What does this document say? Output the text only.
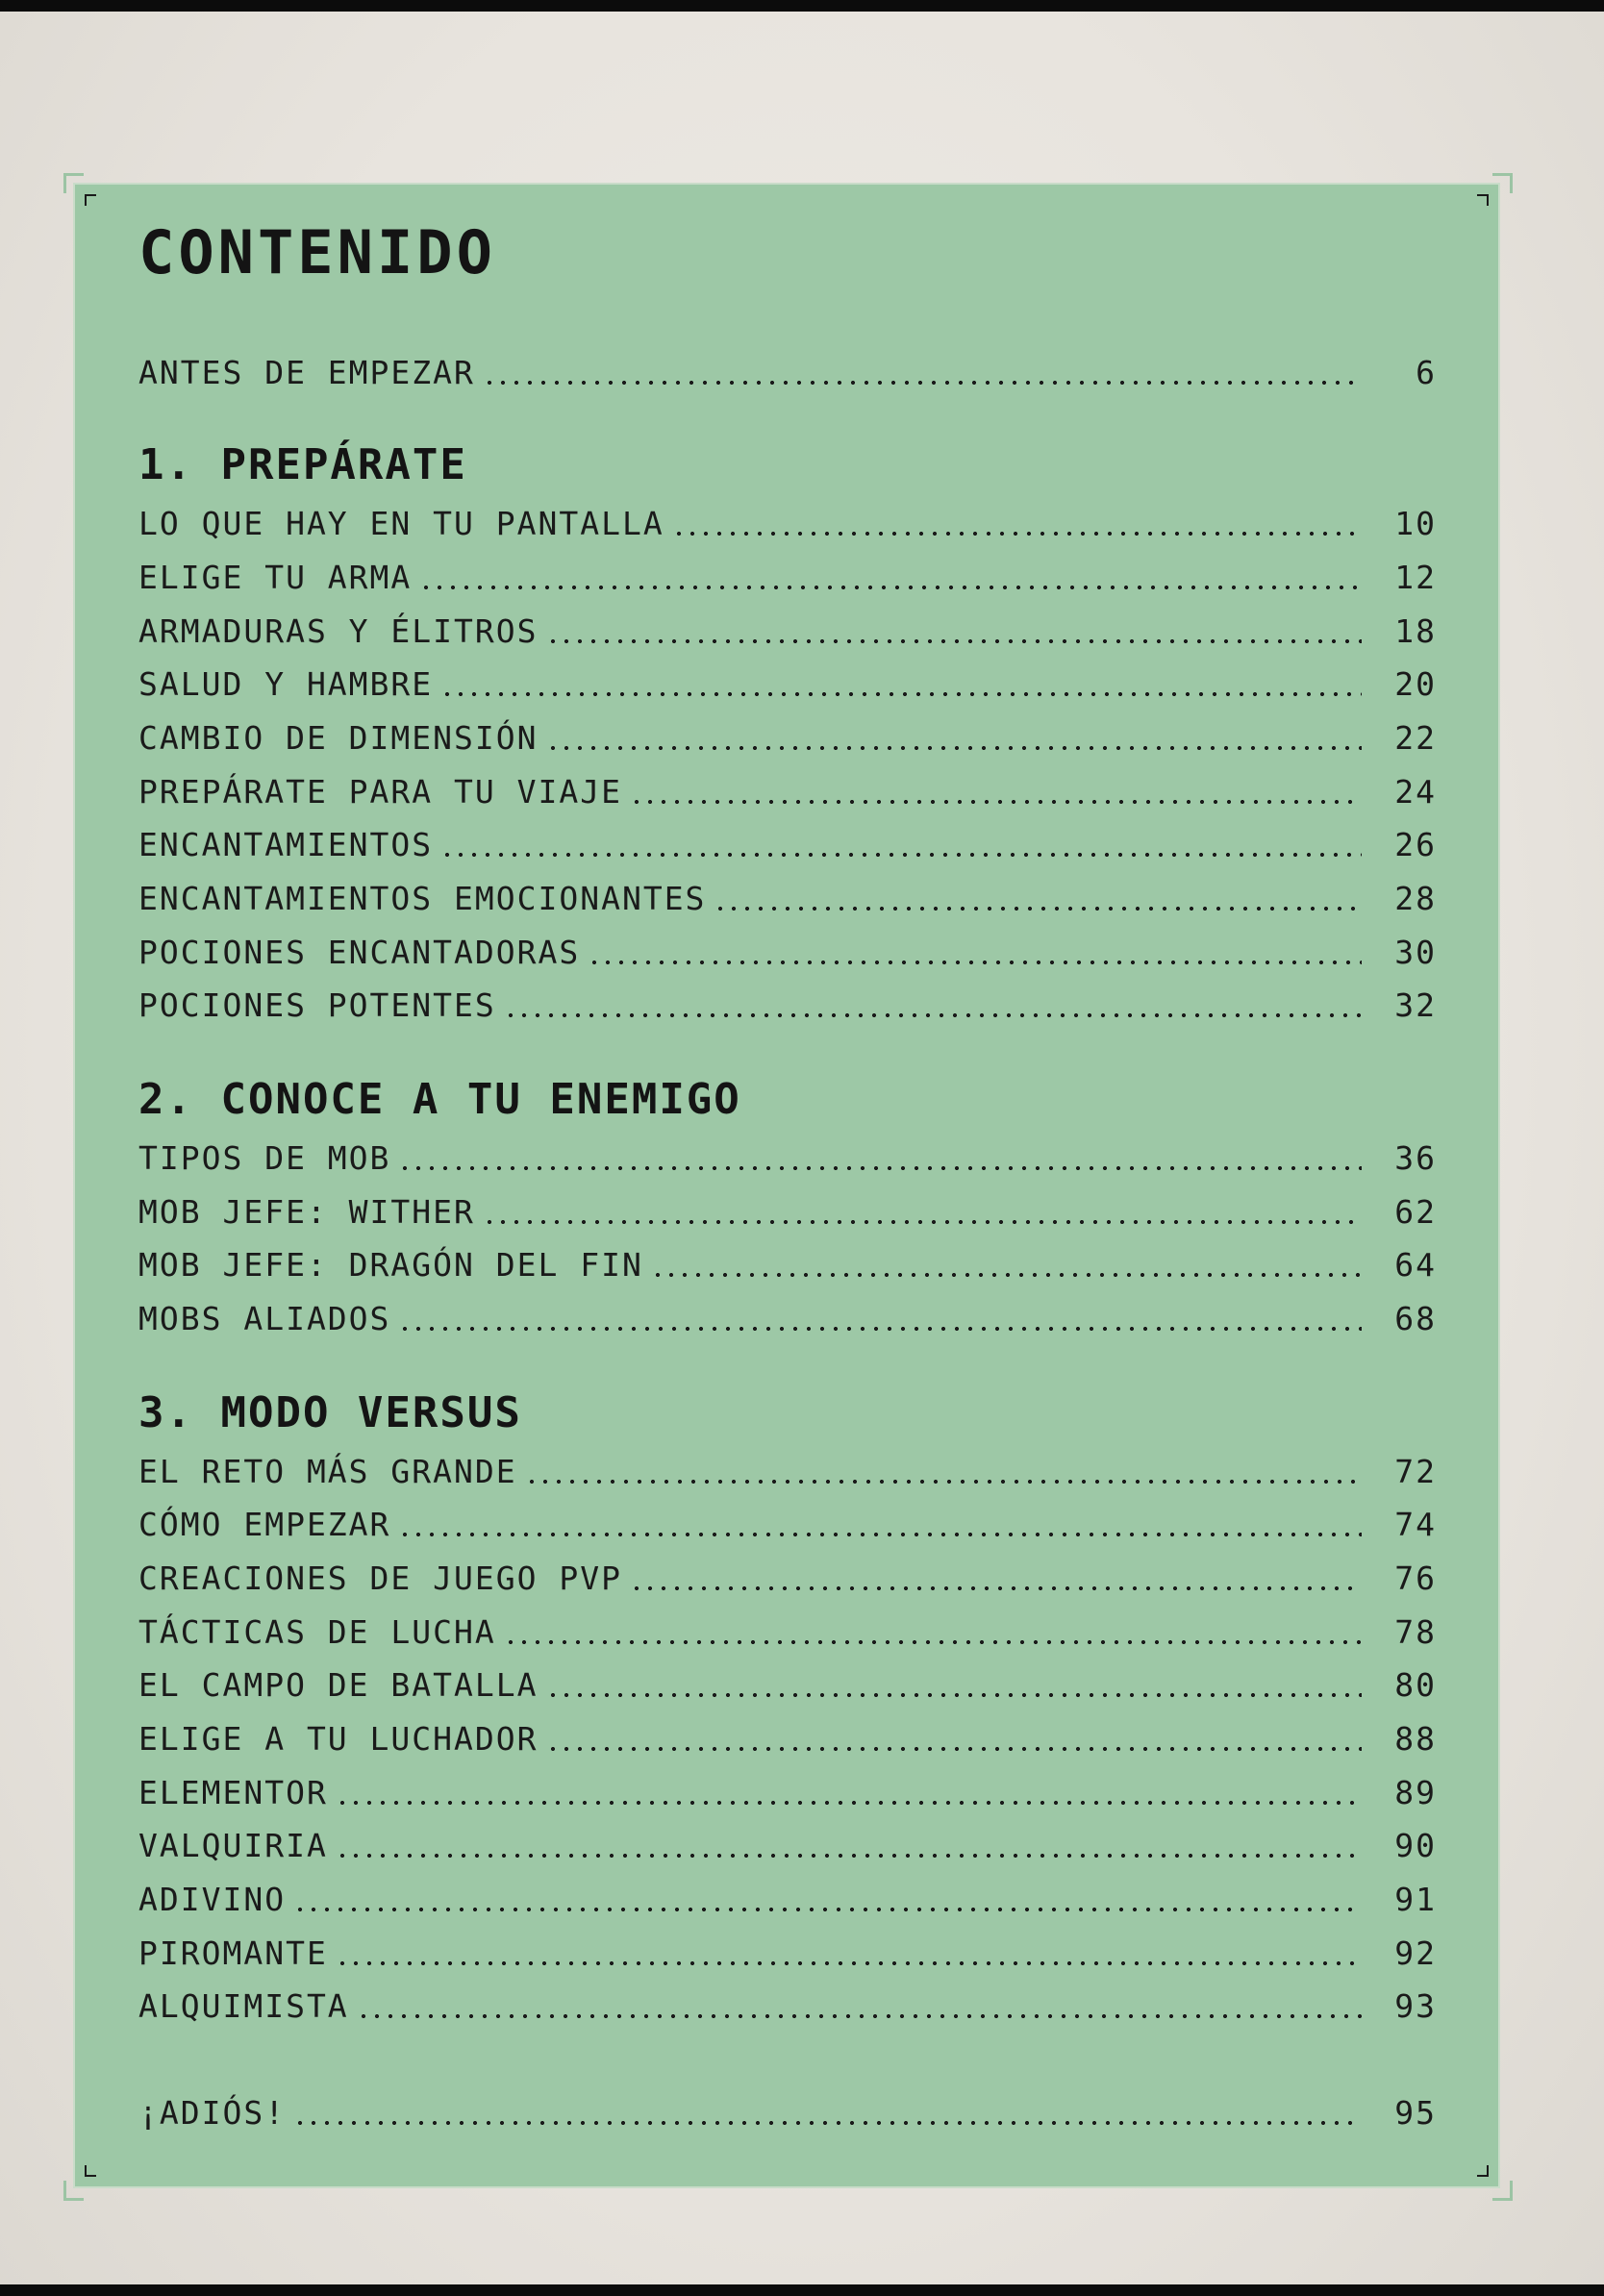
CONTENIDO
ANTES DE EMPEZAR	6
1. PREPÁRATE
LO QUE HAY EN TU PANTALLA	10
ELIGE TU ARMA	12
ARMADURAS Y ÉLITROS	18
SALUD Y HAMBRE	20
CAMBIO DE DIMENSIÓN	22
PREPÁRATE PARA TU VIAJE	24
ENCANTAMIENTOS	26
ENCANTAMIENTOS EMOCIONANTES	28
POCIONES ENCANTADORAS	30
POCIONES POTENTES	32
2. CONOCE A TU ENEMIGO
TIPOS DE MOB	36
MOB JEFE: WITHER	62
MOB JEFE: DRAGÓN DEL FIN	64
MOBS ALIADOS	68
3. MODO VERSUS
EL RETO MÁS GRANDE	72
CÓMO EMPEZAR	74
CREACIONES DE JUEGO PVP	76
TÁCTICAS DE LUCHA	78
EL CAMPO DE BATALLA	80
ELIGE A TU LUCHADOR	88
ELEMENTOR	89
VALQUIRIA	90
ADIVINO	91
PIROMANTE	92
ALQUIMISTA	93
¡ADIÓS!	95
